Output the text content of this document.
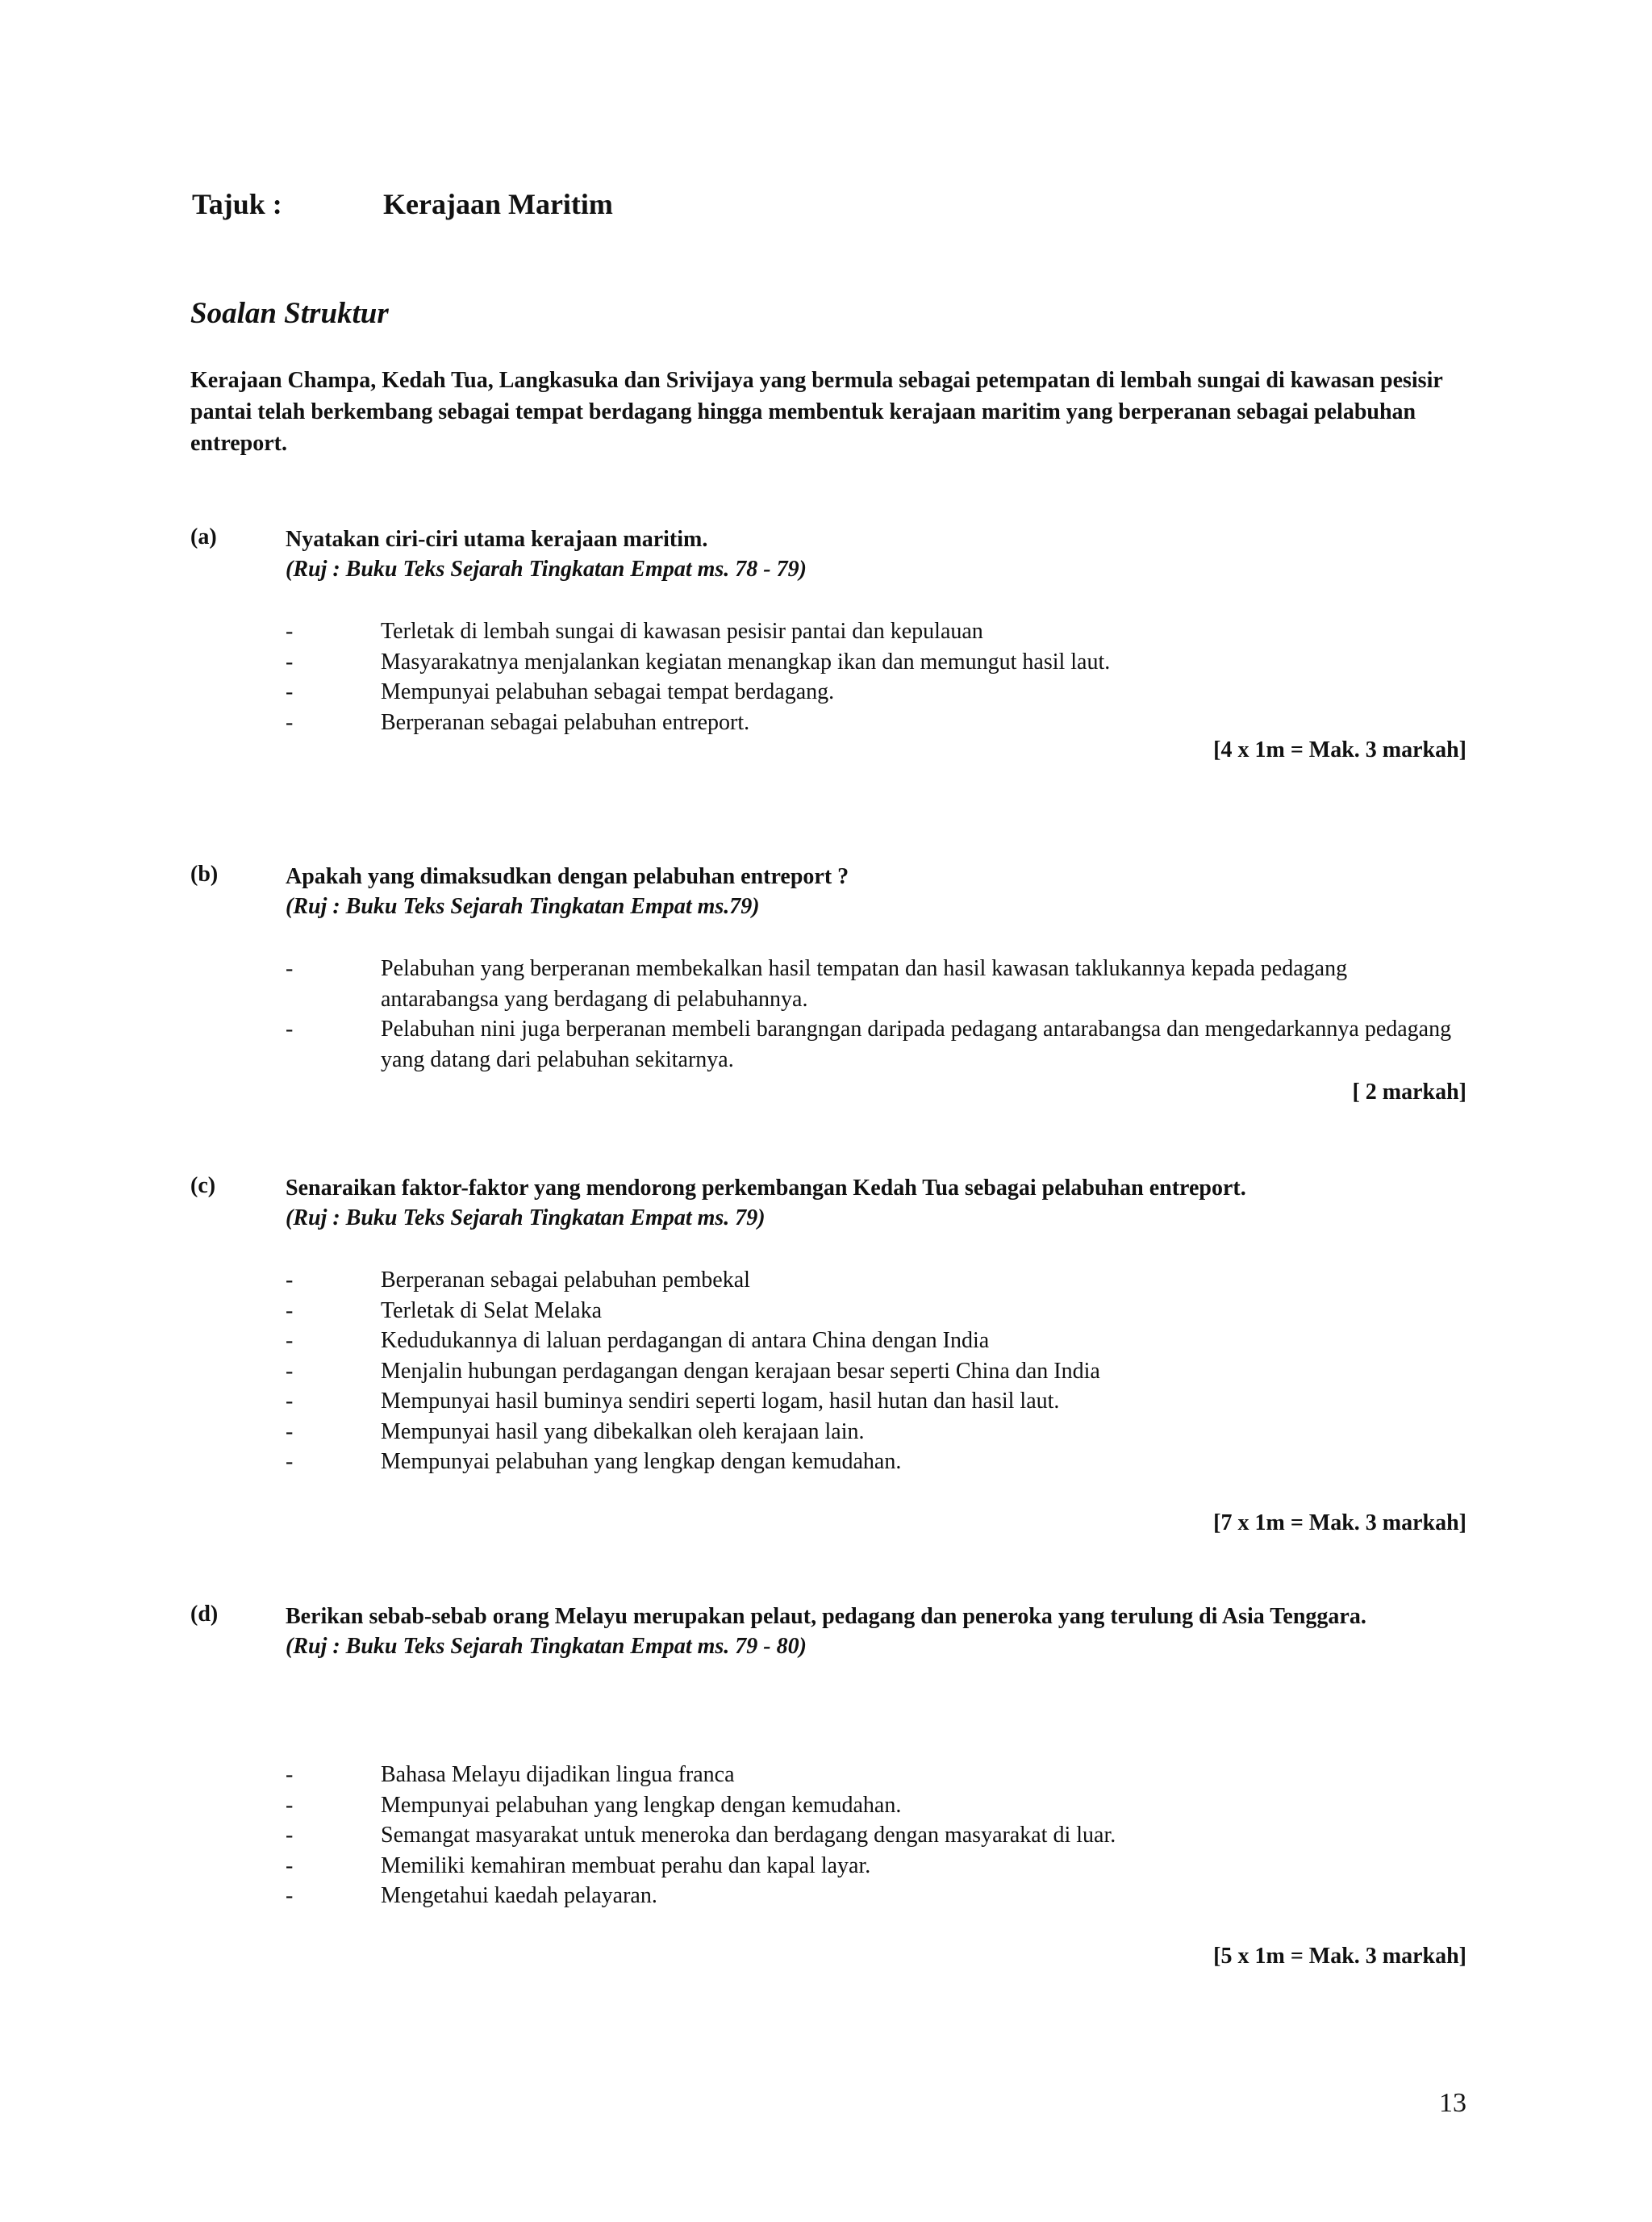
Tajuk :	Kerajaan Maritim
Soalan Struktur
Kerajaan Champa, Kedah Tua, Langkasuka dan Srivijaya yang bermula sebagai petempatan di lembah sungai di kawasan pesisir pantai telah berkembang sebagai tempat berdagang hingga membentuk kerajaan maritim yang berperanan sebagai pelabuhan entreport.
(a)	Nyatakan ciri-ciri utama kerajaan maritim.
(Ruj : Buku Teks Sejarah Tingkatan Empat ms. 78 - 79)
-	Terletak di lembah sungai di kawasan pesisir pantai dan kepulauan
-	Masyarakatnya menjalankan kegiatan menangkap ikan dan memungut hasil laut.
-	Mempunyai pelabuhan sebagai tempat berdagang.
-	Berperanan sebagai pelabuhan entreport.
[4 x 1m = Mak. 3 markah]
(b)	Apakah yang dimaksudkan dengan pelabuhan entreport ?
(Ruj : Buku Teks Sejarah Tingkatan Empat ms.79)
-	Pelabuhan yang berperanan membekalkan hasil tempatan dan hasil kawasan taklukannya kepada pedagang antarabangsa yang berdagang di pelabuhannya.
-	Pelabuhan nini juga berperanan membeli barangngan daripada pedagang antarabangsa dan mengedarkannya pedagang yang datang dari pelabuhan sekitarnya.
[ 2 markah]
(c)	Senaraikan faktor-faktor yang mendorong perkembangan Kedah Tua sebagai pelabuhan entreport.
(Ruj : Buku Teks Sejarah Tingkatan Empat ms. 79)
-	Berperanan sebagai pelabuhan pembekal
-	Terletak di Selat Melaka
-	Kedudukannya di laluan perdagangan di antara China dengan India
-	Menjalin hubungan perdagangan dengan kerajaan besar seperti China dan India
-	Mempunyai hasil buminya sendiri seperti logam, hasil hutan dan hasil laut.
-	Mempunyai hasil yang dibekalkan oleh kerajaan lain.
-	Mempunyai pelabuhan yang lengkap dengan kemudahan.
[7 x 1m = Mak. 3 markah]
(d)	Berikan sebab-sebab orang Melayu merupakan pelaut, pedagang dan peneroka yang terulung di Asia Tenggara.
(Ruj : Buku Teks Sejarah Tingkatan Empat ms. 79 - 80)
-	Bahasa Melayu dijadikan lingua franca
-	Mempunyai pelabuhan yang lengkap dengan kemudahan.
-	Semangat masyarakat untuk meneroka dan berdagang dengan masyarakat di luar.
-	Memiliki kemahiran membuat perahu dan kapal layar.
-	Mengetahui kaedah pelayaran.
[5 x 1m = Mak. 3 markah]
13
